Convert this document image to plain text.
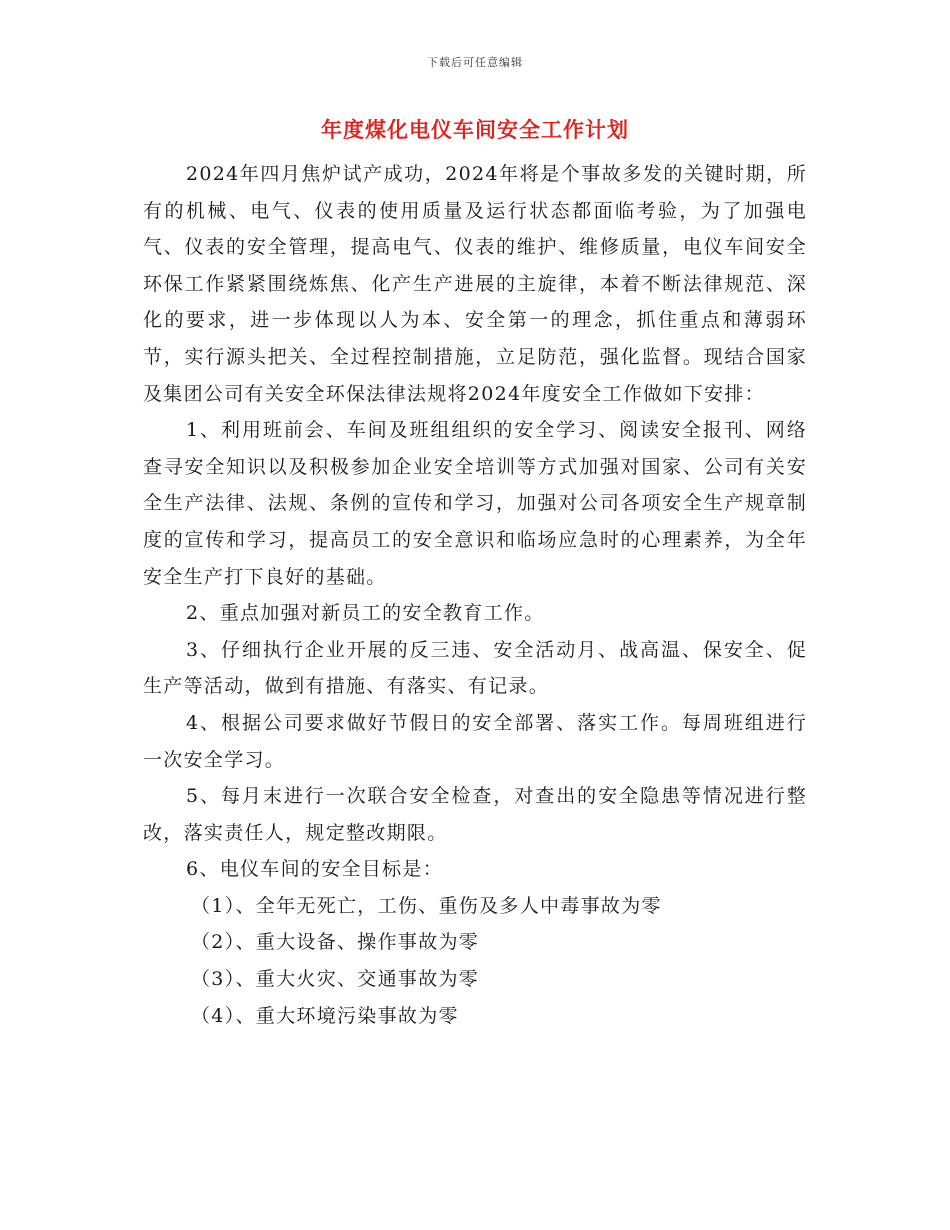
下载后可任意编辑
年度煤化电仪车间安全工作计划

2024年四月焦炉试产成功，2024年将是个事故多发的关键时期，所有的机械、电气、仪表的使用质量及运行状态都面临考验，为了加强电气、仪表的安全管理，提高电气、仪表的维护、维修质量，电仪车间安全环保工作紧紧围绕炼焦、化产生产进展的主旋律，本着不断法律规范、深化的要求，进一步体现以人为本、安全第一的理念，抓住重点和薄弱环节，实行源头把关、全过程控制措施，立足防范，强化监督。现结合国家及集团公司有关安全环保法律法规将2024年度安全工作做如下安排：

1、利用班前会、车间及班组组织的安全学习、阅读安全报刊、网络查寻安全知识以及积极参加企业安全培训等方式加强对国家、公司有关安全生产法律、法规、条例的宣传和学习，加强对公司各项安全生产规章制度的宣传和学习，提高员工的安全意识和临场应急时的心理素养，为全年安全生产打下良好的基础。

2、重点加强对新员工的安全教育工作。

3、仔细执行企业开展的反三违、安全活动月、战高温、保安全、促生产等活动，做到有措施、有落实、有记录。

4、根据公司要求做好节假日的安全部署、落实工作。每周班组进行一次安全学习。

5、每月末进行一次联合安全检查，对查出的安全隐患等情况进行整改，落实责任人，规定整改期限。

6、电仪车间的安全目标是：

（1）、全年无死亡，工伤、重伤及多人中毒事故为零

（2）、重大设备、操作事故为零

（3）、重大火灾、交通事故为零

（4）、重大环境污染事故为零
